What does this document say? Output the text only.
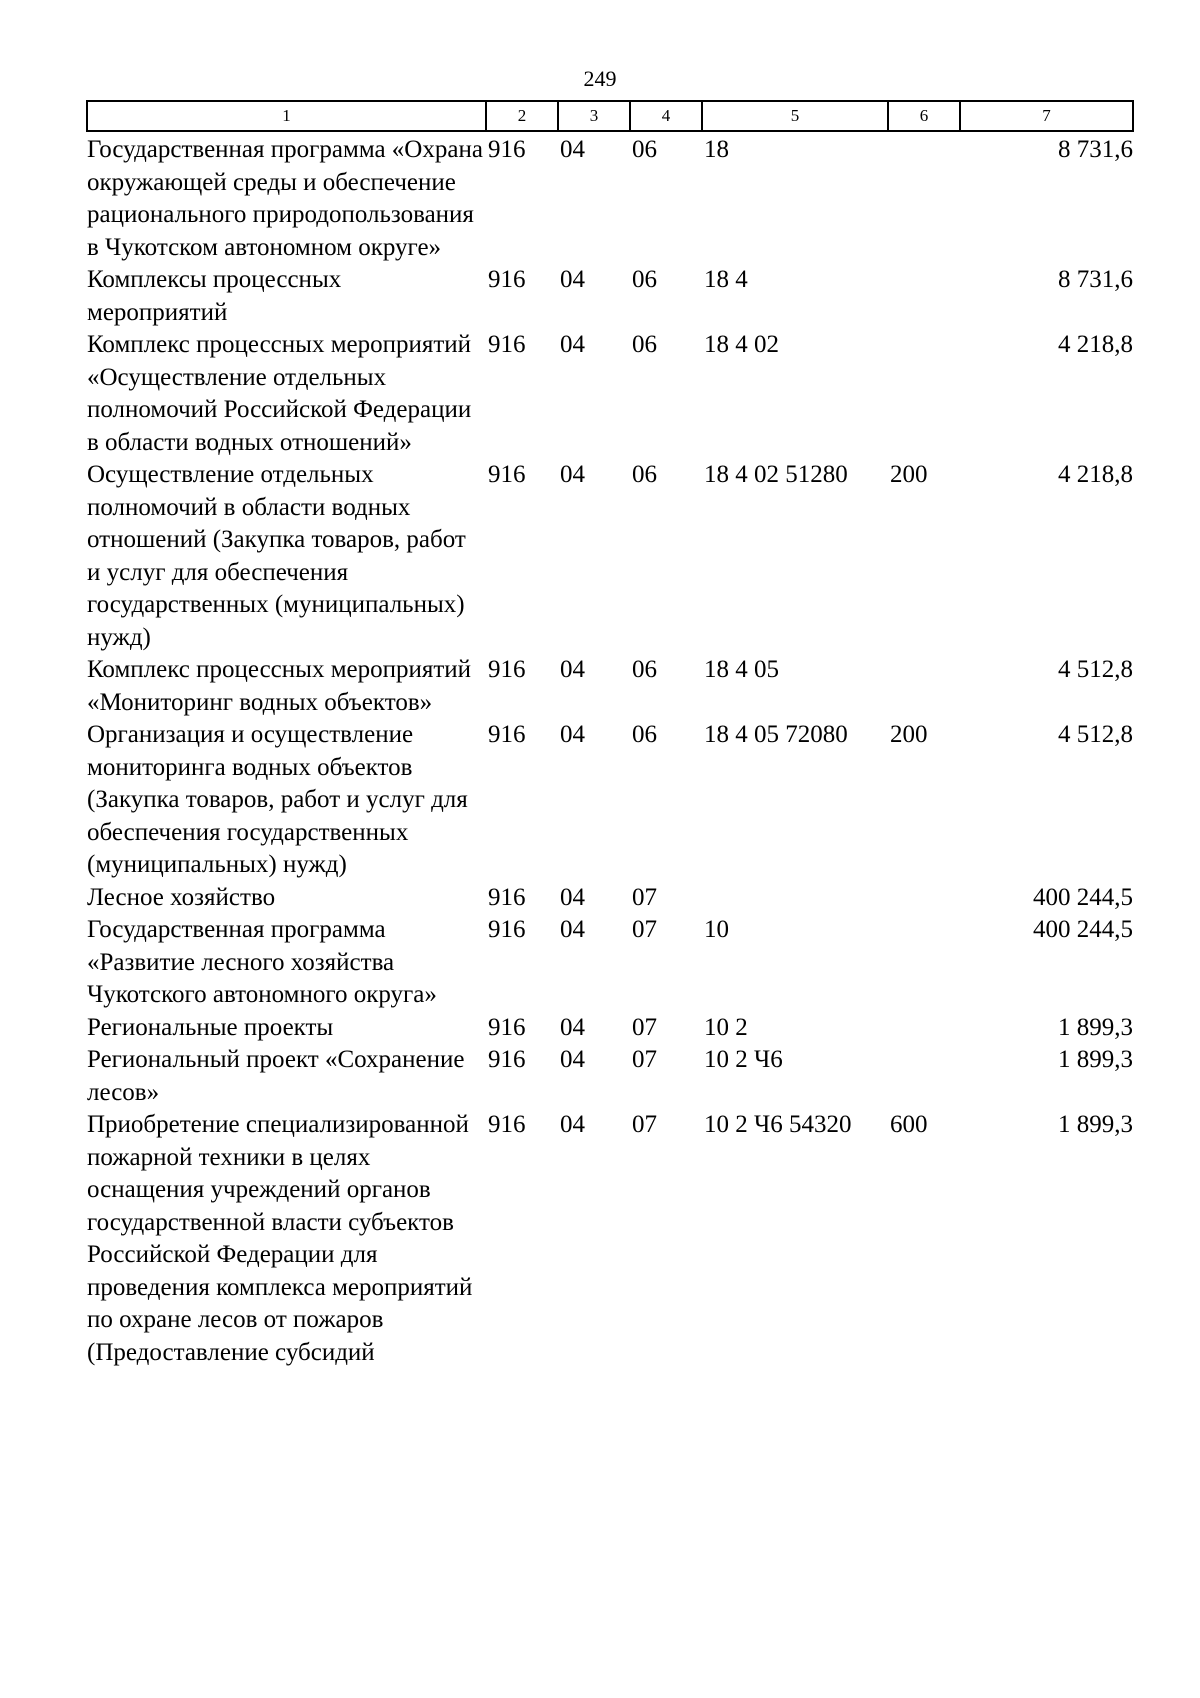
249
1	2	3	4	5	6	7
Государственная программа «Охрана окружающей среды и обеспечение рационального природопользования в Чукотском автономном округе»	916	04	06	18		8 731,6
Комплексы процессных мероприятий	916	04	06	18 4		8 731,6
Комплекс процессных мероприятий «Осуществление отдельных полномочий Российской Федерации в области водных отношений»	916	04	06	18 4 02		4 218,8
Осуществление отдельных полномочий в области водных отношений (Закупка товаров, работ и услуг для обеспечения государственных (муниципальных) нужд)	916	04	06	18 4 02 51280	200	4 218,8
Комплекс процессных мероприятий «Мониторинг водных объектов»	916	04	06	18 4 05		4 512,8
Организация и осуществление мониторинга водных объектов (Закупка товаров, работ и услуг для обеспечения государственных (муниципальных) нужд)	916	04	06	18 4 05 72080	200	4 512,8
Лесное хозяйство	916	04	07			400 244,5
Государственная программа «Развитие лесного хозяйства Чукотского автономного округа»	916	04	07	10		400 244,5
Региональные проекты	916	04	07	10 2		1 899,3
Региональный проект «Сохранение лесов»	916	04	07	10 2 Ч6		1 899,3
Приобретение специализированной пожарной техники в целях оснащения учреждений органов государственной власти субъектов Российской Федерации для проведения комплекса мероприятий по охране лесов от пожаров (Предоставление субсидий	916	04	07	10 2 Ч6 54320	600	1 899,3
